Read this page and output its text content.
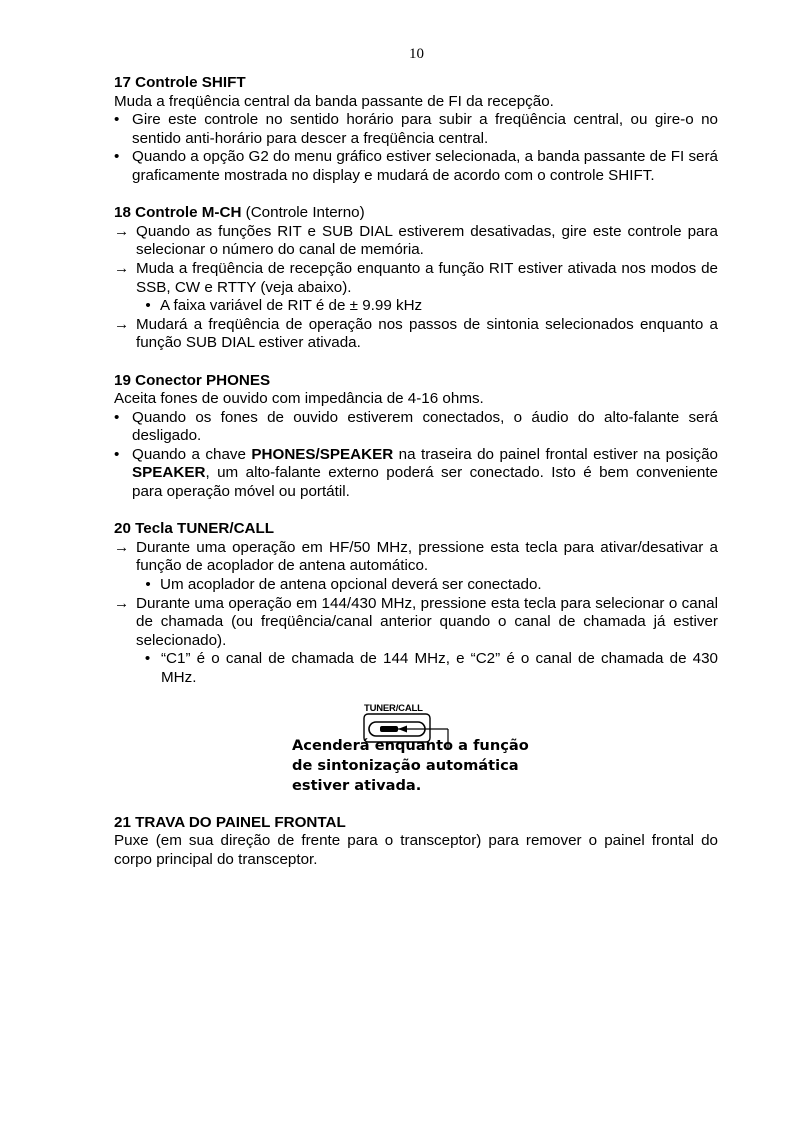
10

17 Controle SHIFT

Muda a freqüência central da banda passante de FI da recepção.

• Gire este controle no sentido horário para subir a freqüência central, ou gire-o no sentido anti-horário para descer a freqüência central.
• Quando a opção G2 do menu gráfico estiver selecionada, a banda passante de FI será graficamente mostrada no display e mudará de acordo com o controle SHIFT.

18 Controle M-CH (Controle Interno)

→ Quando as funções RIT e SUB DIAL estiverem desativadas, gire este controle para selecionar o número do canal de memória.
→ Muda a freqüência de recepção enquanto a função RIT estiver ativada nos modos de SSB, CW e RTTY (veja abaixo).
• A faixa variável de RIT é de ± 9.99 kHz
→ Mudará a freqüência de operação nos passos de sintonia selecionados enquanto a função SUB DIAL estiver ativada.

19 Conector PHONES

Aceita fones de ouvido com impedância de 4-16 ohms.

• Quando os fones de ouvido estiverem conectados, o áudio do alto-falante será desligado.
• Quando a chave PHONES/SPEAKER na traseira do painel frontal estiver na posição SPEAKER, um alto-falante externo poderá ser conectado. Isto é bem conveniente para operação móvel ou portátil.

20 Tecla TUNER/CALL

→ Durante uma operação em HF/50 MHz, pressione esta tecla para ativar/desativar a função de acoplador de antena automático.
• Um acoplador de antena opcional deverá ser conectado.
→ Durante uma operação em 144/430 MHz, pressione esta tecla para selecionar o canal de chamada (ou freqüência/canal anterior quando o canal de chamada já estiver selecionado).
• “C1” é o canal de chamada de 144 MHz, e “C2” é o canal de chamada de 430 MHz.
TUNER/CALL
Acenderá enquanto a função de sintonização automática estiver ativada.

21 TRAVA DO PAINEL FRONTAL

Puxe (em sua direção de frente para o transceptor) para remover o painel frontal do corpo principal do transceptor.
